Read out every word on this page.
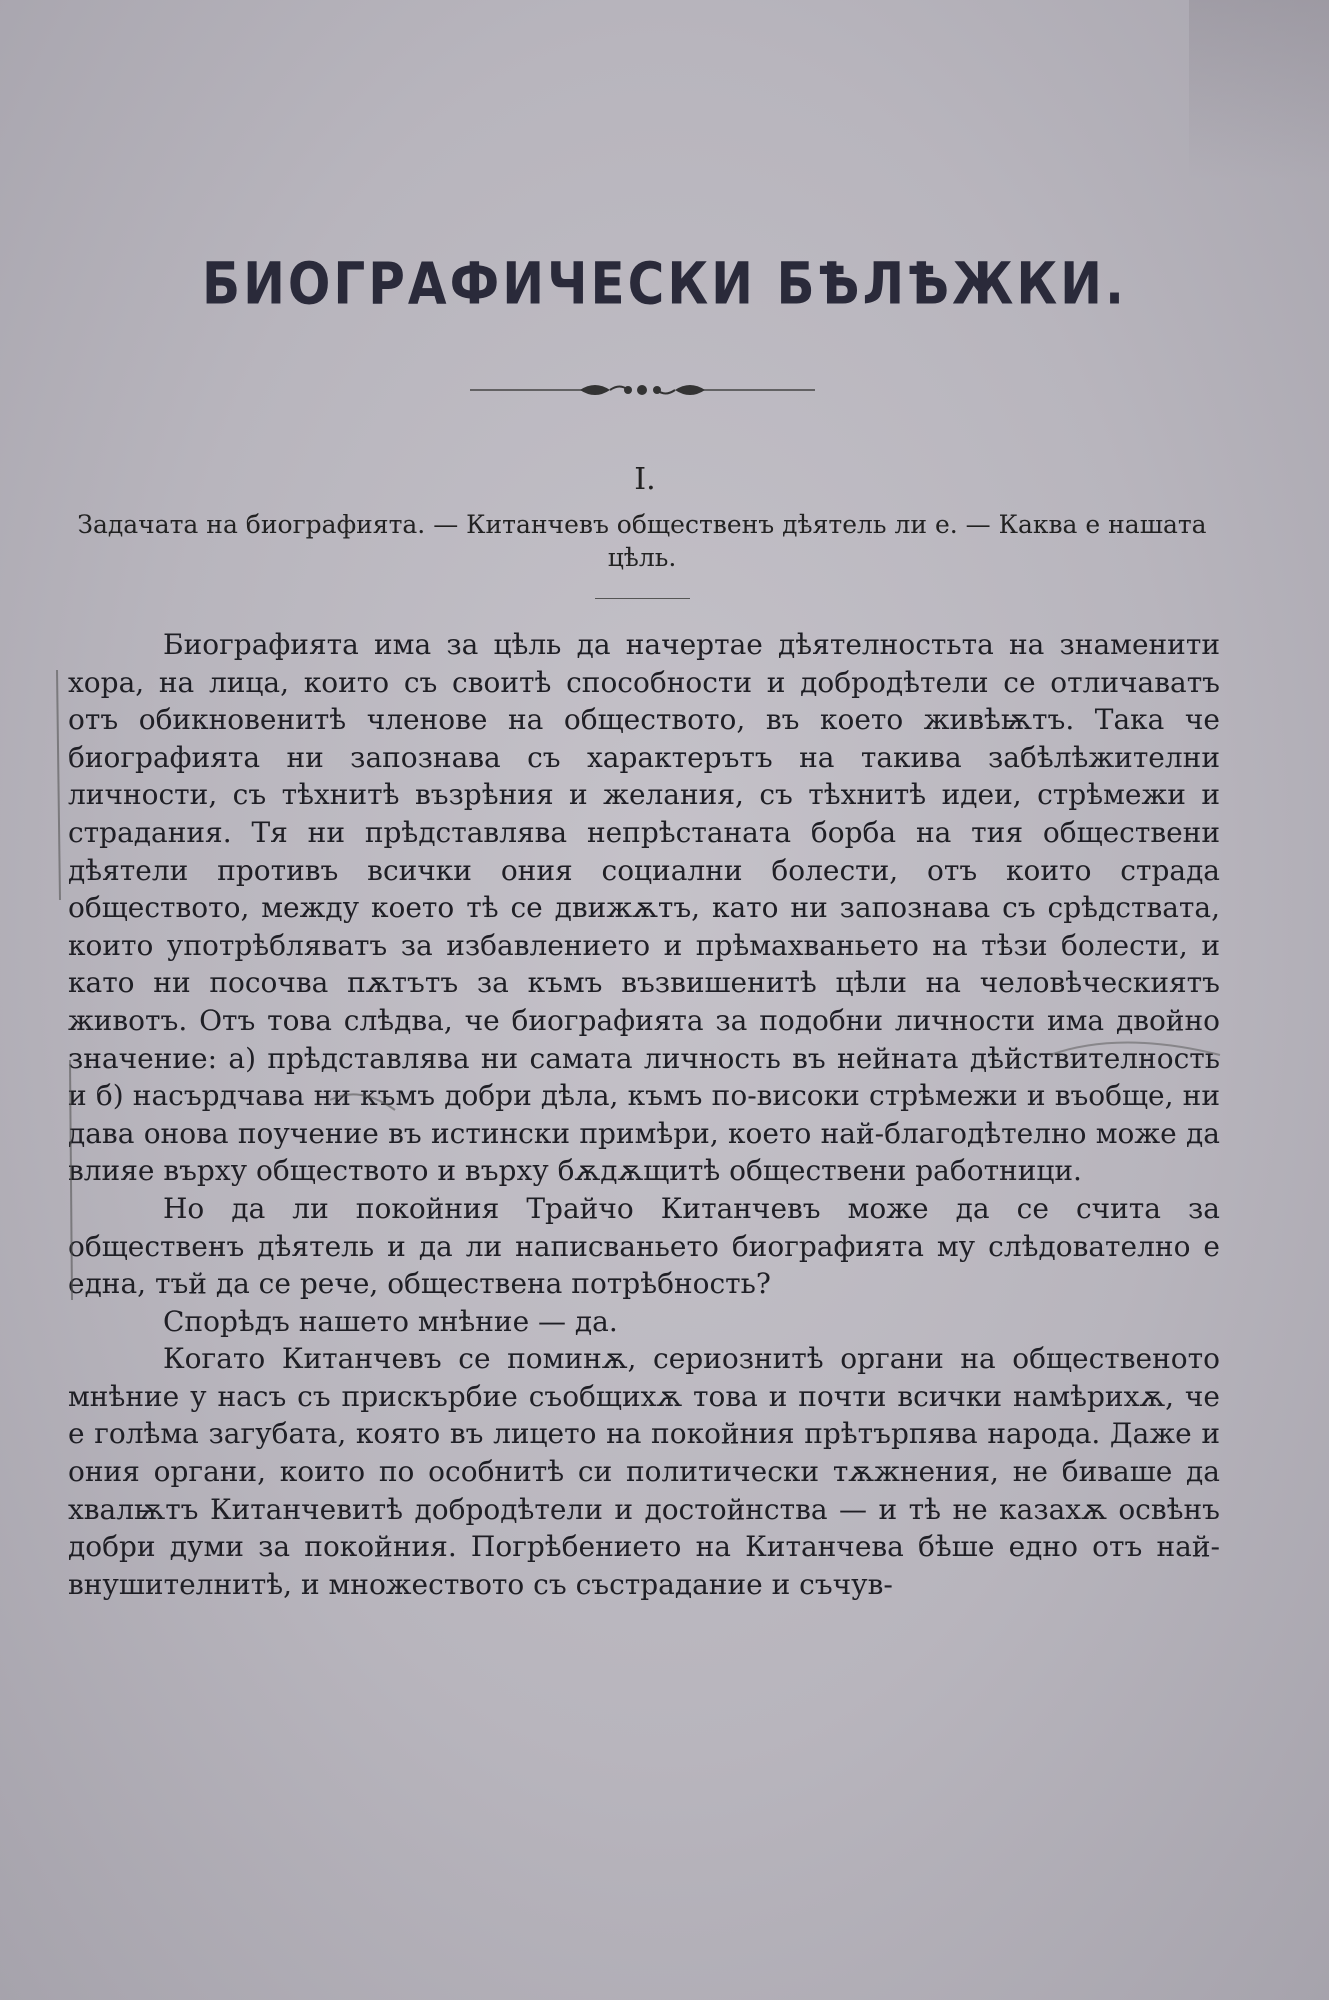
БИОГРАФИЧЕСКИ БѢЛѢЖКИ.
I.
Задачата на биографията. — Китанчевъ общественъ дѣятель ли е. — Каква е нашата цѣль.

Биографията има за цѣль да начертае дѣятелностьта на знаменити хора, на лица, които съ своитѣ способности и добродѣтели се отличаватъ отъ обикновенитѣ членове на обществото, въ което живѣѭтъ. Така че биографията ни запознава съ характерътъ на такива забѣлѣжителни личности, съ тѣхнитѣ възрѣния и желания, съ тѣхнитѣ идеи, стрѣмежи и страдания. Тя ни прѣдставлява непрѣстанатa борба на тия обществени дѣятели противъ всички ония социални болести, отъ които страда обществото, между което тѣ се движѫтъ, като ни запознава съ срѣдствата, които употрѣбляватъ за избавлението и прѣмахваньето на тѣзи болести, и като ни посочва пѫтътъ за къмъ възвишенитѣ цѣли на человѣческиятъ животъ. Отъ това слѣдва, че биографията за подобни личности има двойно значение: а) прѣдставлява ни самата личность въ нейната дѣйствителность и б) насърдчава ни къмъ добри дѣла, къмъ по-високи стрѣмежи и въобще, ни дава онова поучение въ истински примѣри, което най-благодѣтелно може да влияе върху обществото и върху бѫдѫщитѣ обществени работници.

Но да ли покойния Трайчо Китанчевъ може да се счита за общественъ дѣятель и да ли написваньето биографията му слѣдователно е една, тъй да се рече, обществена потрѣбность?

Спорѣдъ нашето мнѣние — да.

Когато Китанчевъ се поминѫ, сериознитѣ органи на общественото мнѣние у насъ съ прискърбие съобщихѫ това и почти всички намѣрихѫ, че е голѣма загубата, която въ лицето на покойния прѣтърпява народа. Даже и ония органи, които по особнитѣ си политически тѫжнения, не биваше да хвалѭтъ Китанчевитѣ добродѣтели и достойнства — и тѣ не казахѫ освѣнъ добри думи за покойния. Погрѣбението на Китанчева бѣше едно отъ най-внушителнитѣ, и множеството съ състрадание и съчув-
